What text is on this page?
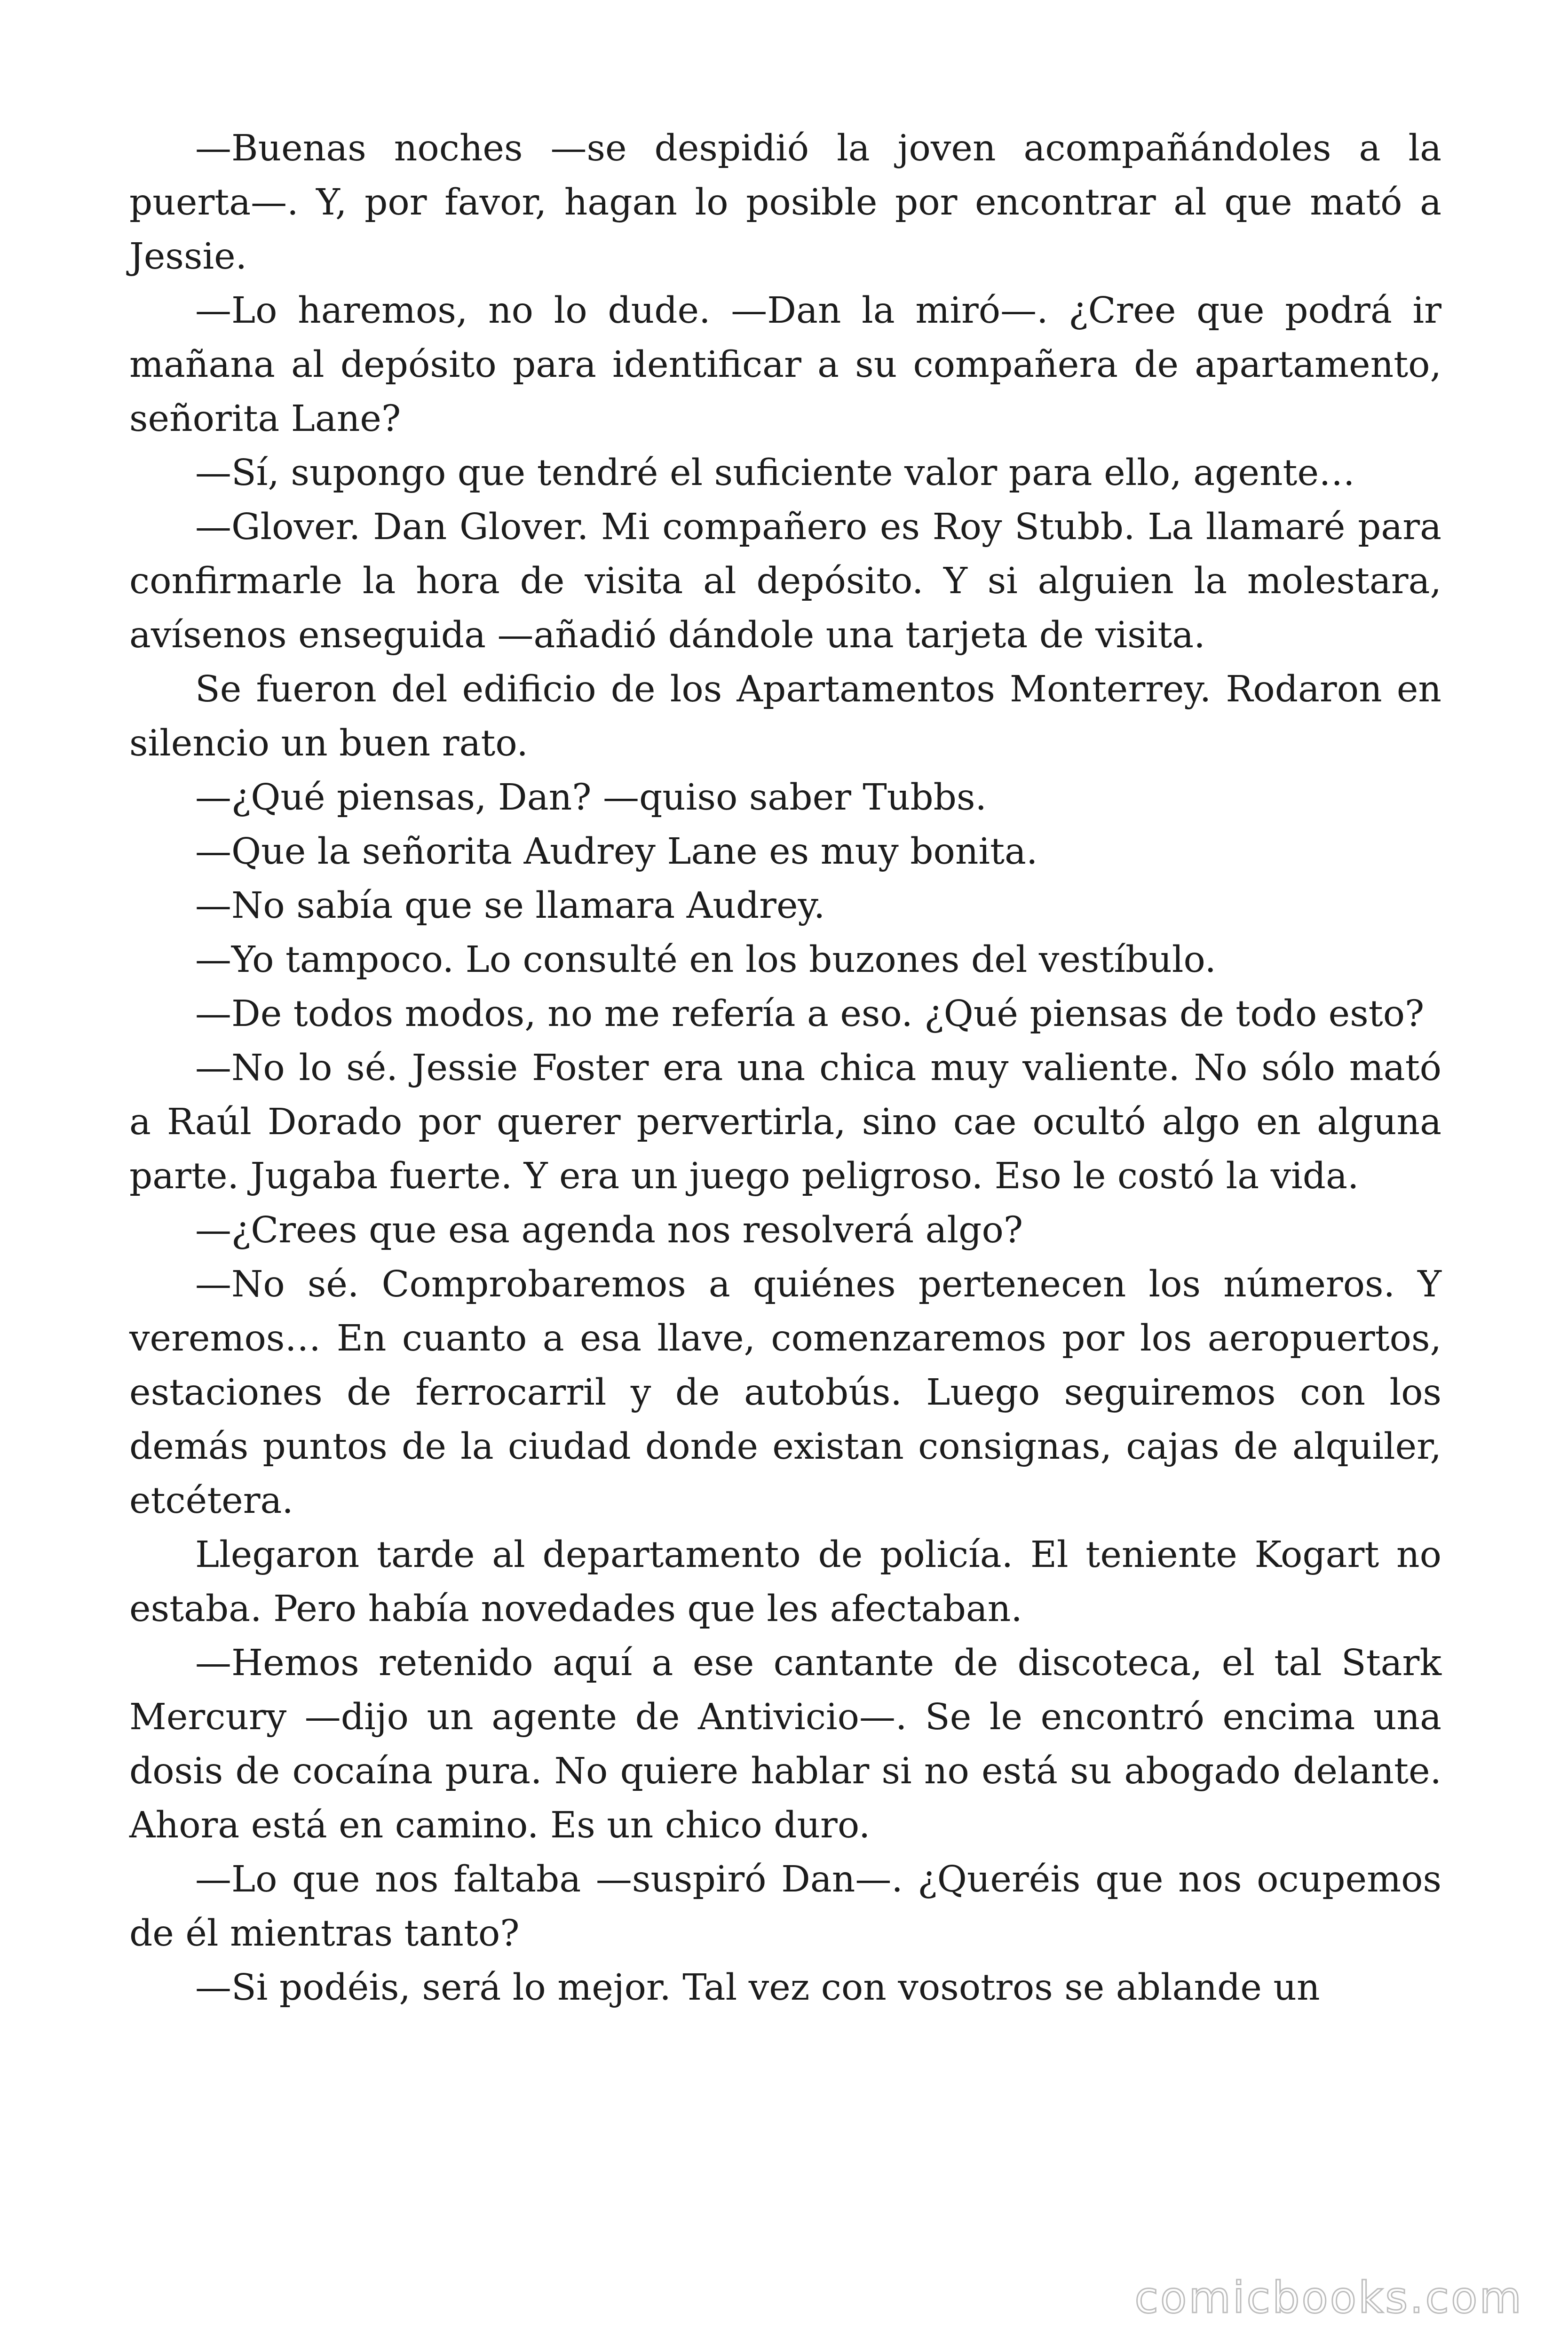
—Buenas noches —se despidió la joven acompañándoles a la puerta—. Y, por favor, hagan lo posible por encontrar al que mató a Jessie.

—Lo haremos, no lo dude. —Dan la miró—. ¿Cree que podrá ir mañana al depósito para identificar a su compañera de apartamento, señorita Lane?

—Sí, supongo que tendré el suficiente valor para ello, agente…

—Glover. Dan Glover. Mi compañero es Roy Stubb. La llamaré para confirmarle la hora de visita al depósito. Y si alguien la molestara, avísenos enseguida —añadió dándole una tarjeta de visita.

Se fueron del edificio de los Apartamentos Monterrey. Rodaron en silencio un buen rato.

—¿Qué piensas, Dan? —quiso saber Tubbs.

—Que la señorita Audrey Lane es muy bonita.

—No sabía que se llamara Audrey.

—Yo tampoco. Lo consulté en los buzones del vestíbulo.

—De todos modos, no me refería a eso. ¿Qué piensas de todo esto?

—No lo sé. Jessie Foster era una chica muy valiente. No sólo mató a Raúl Dorado por querer pervertirla, sino cae ocultó algo en alguna parte. Jugaba fuerte. Y era un juego peligroso. Eso le costó la vida.

—¿Crees que esa agenda nos resolverá algo?

—No sé. Comprobaremos a quiénes pertenecen los números. Y veremos… En cuanto a esa llave, comenzaremos por los aeropuertos, estaciones de ferrocarril y de autobús. Luego seguiremos con los demás puntos de la ciudad donde existan consignas, cajas de alquiler, etcétera.

Llegaron tarde al departamento de policía. El teniente Kogart no estaba. Pero había novedades que les afectaban.

—Hemos retenido aquí a ese cantante de discoteca, el tal Stark Mercury —dijo un agente de Antivicio—. Se le encontró encima una dosis de cocaína pura. No quiere hablar si no está su abogado delante. Ahora está en camino. Es un chico duro.

—Lo que nos faltaba —suspiró Dan—. ¿Queréis que nos ocupemos de él mientras tanto?

—Si podéis, será lo mejor. Tal vez con vosotros se ablande un

comicbooks.com
